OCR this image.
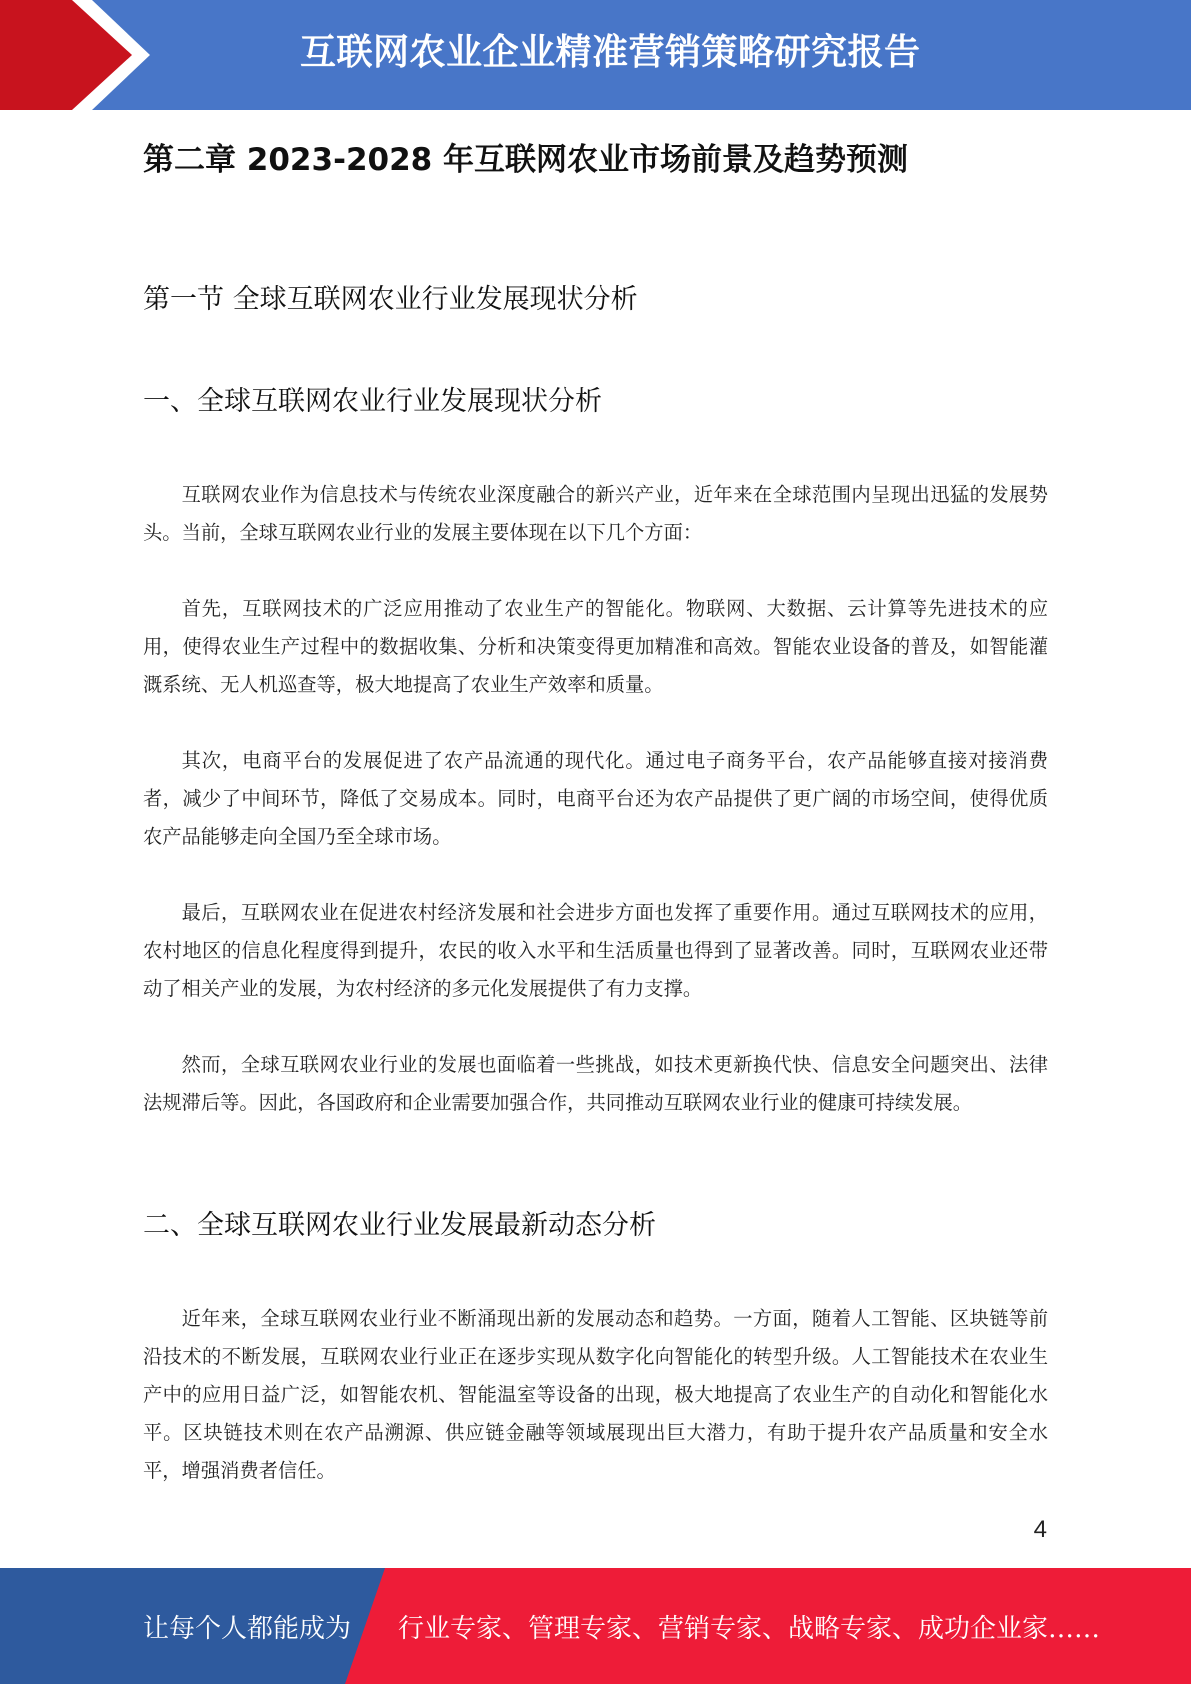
互联网农业企业精准营销策略研究报告
第二章 2023-2028 年互联网农业市场前景及趋势预测
第一节 全球互联网农业行业发展现状分析
一、全球互联网农业行业发展现状分析

互联网农业作为信息技术与传统农业深度融合的新兴产业，近年来在全球范围内呈现出迅猛的发展势头。当前，全球互联网农业行业的发展主要体现在以下几个方面：

首先，互联网技术的广泛应用推动了农业生产的智能化。物联网、大数据、云计算等先进技术的应用，使得农业生产过程中的数据收集、分析和决策变得更加精准和高效。智能农业设备的普及，如智能灌溉系统、无人机巡查等，极大地提高了农业生产效率和质量。

其次，电商平台的发展促进了农产品流通的现代化。通过电子商务平台，农产品能够直接对接消费者，减少了中间环节，降低了交易成本。同时，电商平台还为农产品提供了更广阔的市场空间，使得优质农产品能够走向全国乃至全球市场。

最后，互联网农业在促进农村经济发展和社会进步方面也发挥了重要作用。通过互联网技术的应用，农村地区的信息化程度得到提升，农民的收入水平和生活质量也得到了显著改善。同时，互联网农业还带动了相关产业的发展，为农村经济的多元化发展提供了有力支撑。

然而，全球互联网农业行业的发展也面临着一些挑战，如技术更新换代快、信息安全问题突出、法律法规滞后等。因此，各国政府和企业需要加强合作，共同推动互联网农业行业的健康可持续发展。

二、全球互联网农业行业发展最新动态分析

近年来，全球互联网农业行业不断涌现出新的发展动态和趋势。一方面，随着人工智能、区块链等前沿技术的不断发展，互联网农业行业正在逐步实现从数字化向智能化的转型升级。人工智能技术在农业生产中的应用日益广泛，如智能农机、智能温室等设备的出现，极大地提高了农业生产的自动化和智能化水平。区块链技术则在农产品溯源、供应链金融等领域展现出巨大潜力，有助于提升农产品质量和安全水平，增强消费者信任。

4
让每个人都能成为 行业专家、管理专家、营销专家、战略专家、成功企业家……
